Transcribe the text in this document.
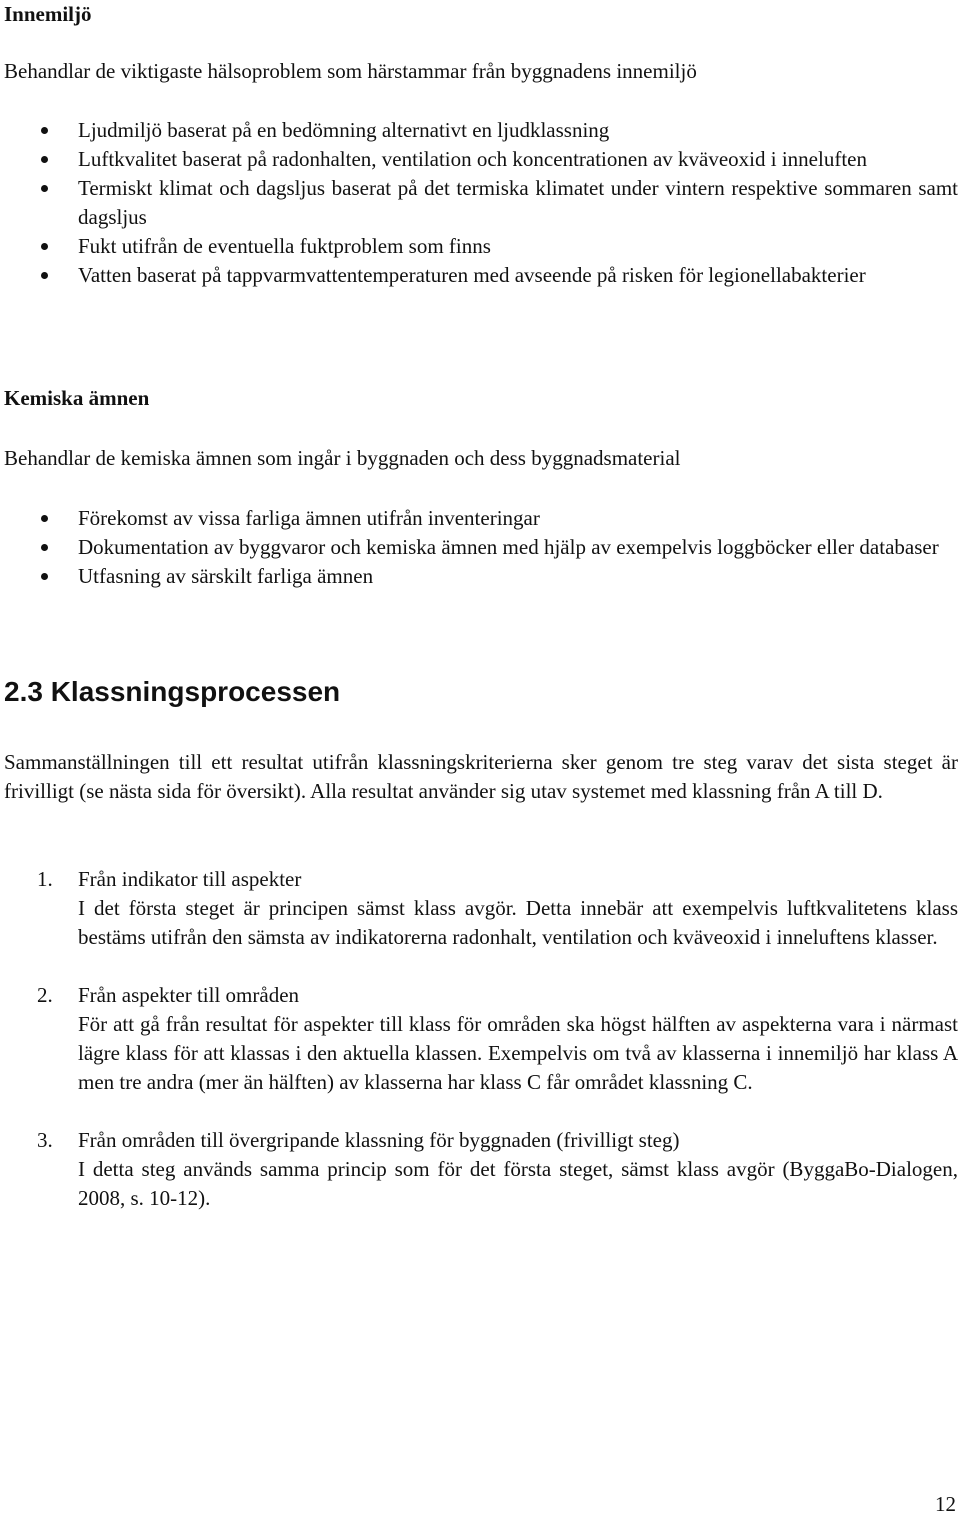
Innemiljö
Behandlar de viktigaste hälsoproblem som härstammar från byggnadens innemiljö
Ljudmiljö baserat på en bedömning alternativt en ljudklassning
Luftkvalitet baserat på radonhalten, ventilation och koncentrationen av kväveoxid i inneluften
Termiskt klimat och dagsljus baserat på det termiska klimatet under vintern respektive sommaren samt dagsljus
Fukt utifrån de eventuella fuktproblem som finns
Vatten baserat på tappvarmvattentemperaturen med avseende på risken för legionellabakterier
Kemiska ämnen
Behandlar de kemiska ämnen som ingår i byggnaden och dess byggnadsmaterial
Förekomst av vissa farliga ämnen utifrån inventeringar
Dokumentation av byggvaror och kemiska ämnen med hjälp av exempelvis loggböcker eller databaser
Utfasning av särskilt farliga ämnen
2.3 Klassningsprocessen
Sammanställningen till ett resultat utifrån klassningskriterierna sker genom tre steg varav det sista steget är frivilligt (se nästa sida för översikt). Alla resultat använder sig utav systemet med klassning från A till D.
1. Från indikator till aspekter
I det första steget är principen sämst klass avgör. Detta innebär att exempelvis luftkvalitetens klass bestäms utifrån den sämsta av indikatorerna radonhalt, ventilation och kväveoxid i inneluftens klasser.
2. Från aspekter till områden
För att gå från resultat för aspekter till klass för områden ska högst hälften av aspekterna vara i närmast lägre klass för att klassas i den aktuella klassen. Exempelvis om två av klasserna i innemiljö har klass A men tre andra (mer än hälften) av klasserna har klass C får området klassning C.
3. Från områden till övergripande klassning för byggnaden (frivilligt steg)
I detta steg används samma princip som för det första steget, sämst klass avgör (ByggaBo-Dialogen, 2008, s. 10-12).
12
